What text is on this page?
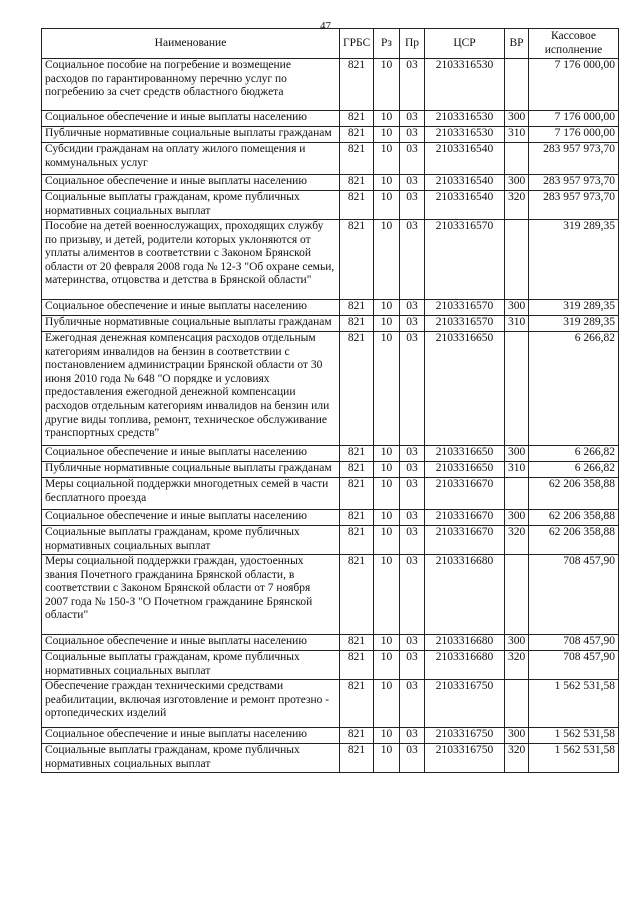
47
Наименование	ГРБС	Рз	Пр	ЦСР	ВР	Кассовое исполнение
Социальное пособие на погребение и возмещение расходов по гарантированному перечню услуг по погребению за счет средств областного бюджета	821	10	03	2103316530		7 176 000,00
Социальное обеспечение и иные выплаты населению	821	10	03	2103316530	300	7 176 000,00
Публичные нормативные социальные выплаты гражданам	821	10	03	2103316530	310	7 176 000,00
Субсидии гражданам на оплату жилого помещения и коммунальных услуг	821	10	03	2103316540		283 957 973,70
Социальное обеспечение и иные выплаты населению	821	10	03	2103316540	300	283 957 973,70
Социальные выплаты гражданам, кроме публичных нормативных социальных выплат	821	10	03	2103316540	320	283 957 973,70
Пособие на детей военнослужащих, проходящих службу по призыву, и детей, родители которых уклоняются от уплаты алиментов в соответствии с Законом Брянской области от 20 февраля 2008 года № 12-З "Об охране семьи, материнства, отцовства и детства в Брянской области"	821	10	03	2103316570		319 289,35
Социальное обеспечение и иные выплаты населению	821	10	03	2103316570	300	319 289,35
Публичные нормативные социальные выплаты гражданам	821	10	03	2103316570	310	319 289,35
Ежегодная денежная компенсация расходов отдельным категориям инвалидов на бензин в соответствии с постановлением администрации Брянской области от 30 июня 2010 года № 648 "О порядке и условиях предоставления ежегодной денежной компенсации расходов отдельным категориям инвалидов на бензин или другие виды топлива, ремонт, техническое обслуживание транспортных средств"	821	10	03	2103316650		6 266,82
Социальное обеспечение и иные выплаты населению	821	10	03	2103316650	300	6 266,82
Публичные нормативные социальные выплаты гражданам	821	10	03	2103316650	310	6 266,82
Меры социальной поддержки многодетных семей в части бесплатного проезда	821	10	03	2103316670		62 206 358,88
Социальное обеспечение и иные выплаты населению	821	10	03	2103316670	300	62 206 358,88
Социальные выплаты гражданам, кроме публичных нормативных социальных выплат	821	10	03	2103316670	320	62 206 358,88
Меры социальной поддержки граждан, удостоенных звания Почетного гражданина Брянской области, в соответствии с Законом Брянской области от 7 ноября 2007 года № 150-З "О Почетном гражданине Брянской области"	821	10	03	2103316680		708 457,90
Социальное обеспечение и иные выплаты населению	821	10	03	2103316680	300	708 457,90
Социальные выплаты гражданам, кроме публичных нормативных социальных выплат	821	10	03	2103316680	320	708 457,90
Обеспечение граждан техническими средствами реабилитации, включая изготовление и ремонт протезно - ортопедических изделий	821	10	03	2103316750		1 562 531,58
Социальное обеспечение и иные выплаты населению	821	10	03	2103316750	300	1 562 531,58
Социальные выплаты гражданам, кроме публичных нормативных социальных выплат	821	10	03	2103316750	320	1 562 531,58
